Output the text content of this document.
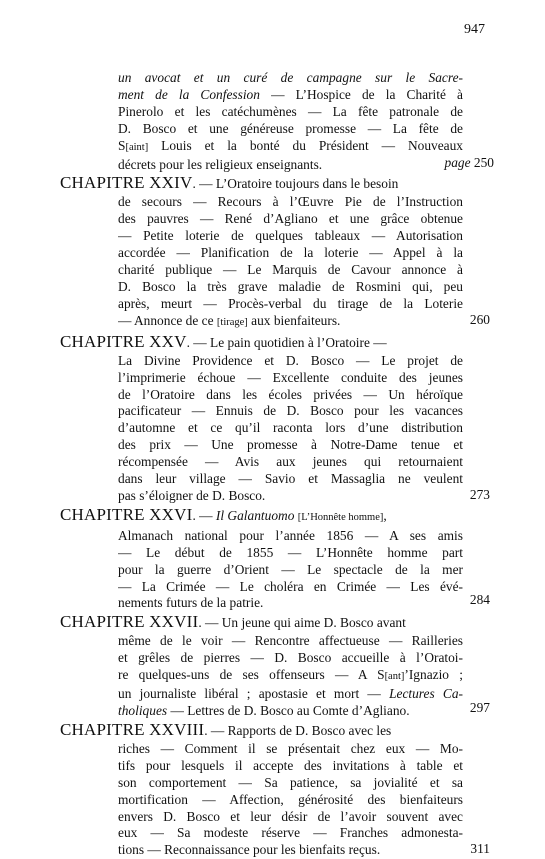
947
un avocat et un curé de campagne sur le Sacre-
ment de la Confession — L’Hospice de la Charité à
Pinerolo et les catéchumènes — La fête patronale de
D. Bosco et une généreuse promesse — La fête de
S[aint] Louis et la bonté du Président — Nouveaux
décrets pour les religieux enseignants.	page 250
CHAPITRE XXIV. — L’Oratoire toujours dans le besoin
de secours — Recours à l’Œuvre Pie de l’Instruction
des pauvres — René d’Agliano et une grâce obtenue
— Petite loterie de quelques tableaux — Autorisation
accordée — Planification de la loterie — Appel à la
charité publique — Le Marquis de Cavour annonce à
D. Bosco la très grave maladie de Rosmini qui, peu
après, meurt — Procès-verbal du tirage de la Loterie
— Annonce de ce [tirage] aux bienfaiteurs.	260
CHAPITRE XXV. — Le pain quotidien à l’Oratoire —
La Divine Providence et D. Bosco — Le projet de
l’imprimerie échoue — Excellente conduite des jeunes
de l’Oratoire dans les écoles privées — Un héroïque
pacificateur — Ennuis de D. Bosco pour les vacances
d’automne et ce qu’il raconta lors d’une distribution
des prix — Une promesse à Notre-Dame tenue et
récompensée — Avis aux jeunes qui retournaient
dans leur village — Savio et Massaglia ne veulent
pas s’éloigner de D. Bosco.	273
CHAPITRE XXVI. — Il Galantuomo [L’Honnête homme],
Almanach national pour l’année 1856 — A ses amis
— Le début de 1855 — L’Honnête homme part
pour la guerre d’Orient — Le spectacle de la mer
— La Crimée — Le choléra en Crimée — Les évé-
nements futurs de la patrie.	284
CHAPITRE XXVII. — Un jeune qui aime D. Bosco avant
même de le voir — Rencontre affectueuse — Railleries
et grêles de pierres — D. Bosco accueille à l’Oratoi-
re quelques-uns de ses offenseurs — A S[ant]’Ignazio ;
un journaliste libéral ; apostasie et mort — Lectures Ca-
tholiques — Lettres de D. Bosco au Comte d’Agliano.	297
CHAPITRE XXVIII. — Rapports de D. Bosco avec les
riches — Comment il se présentait chez eux — Mo-
tifs pour lesquels il accepte des invitations à table et
son comportement — Sa patience, sa jovialité et sa
mortification — Affection, générosité des bienfaiteurs
envers D. Bosco et leur désir de l’avoir souvent avec
eux — Sa modeste réserve — Franches admonesta-
tions — Reconnaissance pour les bienfaits reçus.	311
